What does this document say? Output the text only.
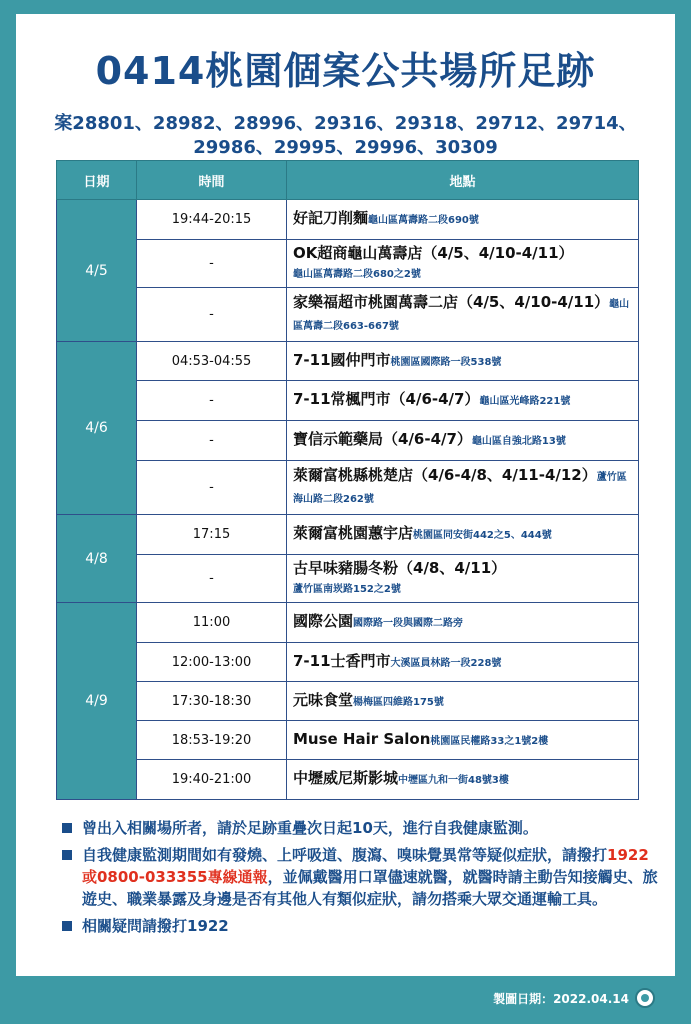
0414桃園個案公共場所足跡
案28801、28982、28996、29316、29318、29712、29714、
29986、29995、29996、30309
日期	時間	地點
4/5	19:44-20:15	好記刀削麵龜山區萬壽路二段690號
	-	OK超商龜山萬壽店（4/5、4/10-4/11）
龜山區萬壽路二段680之2號

	-	家樂福超市桃園萬壽二店（4/5、4/10-4/11）龜山區萬壽二段663-667號
4/6	04:53-04:55	7-11國仲門市桃園區國際路一段538號
	-	7-11常楓門市（4/6-4/7）龜山區光峰路221號
	-	寶信示範藥局（4/6-4/7）龜山區自強北路13號
	-	萊爾富桃縣桃楚店（4/6-4/8、4/11-4/12）蘆竹區海山路二段262號
4/8	17:15	萊爾富桃園蕙宇店桃園區同安街442之5、444號
	-	古早味豬腸冬粉（4/8、4/11）
蘆竹區南崁路152之2號

4/9	11:00	國際公園國際路一段與國際二路旁
	12:00-13:00	7-11士香門市大溪區員林路一段228號
	17:30-18:30	元味食堂楊梅區四維路175號
	18:53-19:20	Muse Hair Salon桃園區民權路33之1號2樓
	19:40-21:00	中壢威尼斯影城中壢區九和一街48號3樓
曾出入相關場所者，請於足跡重疊次日起10天，進行自我健康監測。
自我健康監測期間如有發燒、上呼吸道、腹瀉、嗅味覺異常等疑似症狀，請撥打1922或0800-033355專線通報，並佩戴醫用口罩儘速就醫，就醫時請主動告知接觸史、旅遊史、職業暴露及身邊是否有其他人有類似症狀，請勿搭乘大眾交通運輸工具。
相關疑問請撥打1922
製圖日期：2022.04.14
